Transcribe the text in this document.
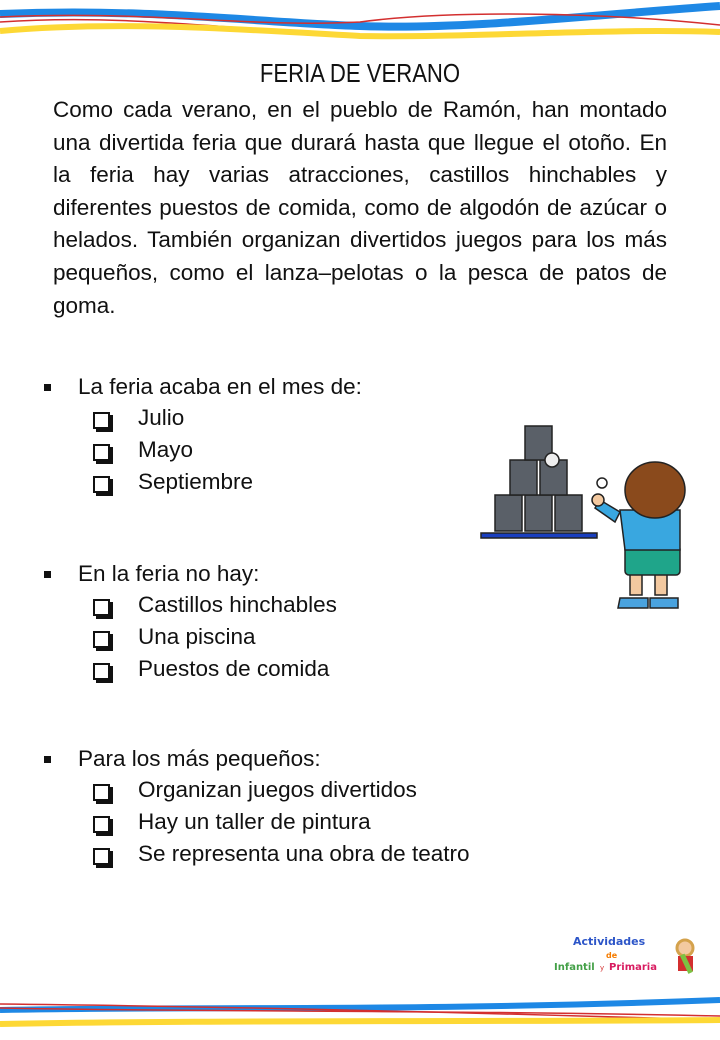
FERIA DE VERANO
Como cada verano, en el pueblo de Ramón, han montado una divertida feria que durará hasta que llegue el otoño. En la feria hay varias atracciones, castillos hinchables y diferentes puestos de comida, como de algodón de azúcar o helados. También organizan divertidos juegos para los más pequeños, como el lanza–pelotas o la pesca de patos de goma.
La feria acaba en el mes de:
Julio
Mayo
Septiembre
En la feria no hay:
Castillos hinchables
Una piscina
Puestos de comida
Para los más pequeños:
Organizan juegos divertidos
Hay un taller de pintura
Se representa una obra de teatro
Actividades
de
Infantil y Primaria
